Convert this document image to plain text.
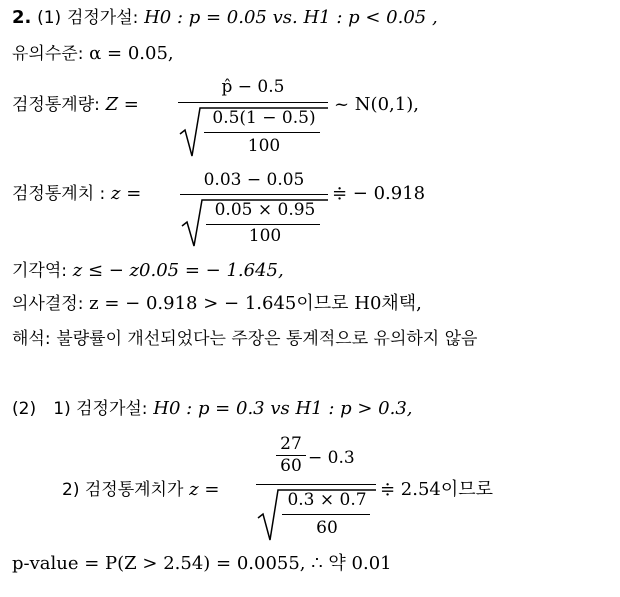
2. (1) 검정가설: H0 : p = 0.05 vs. H1 : p < 0.05 ,
유의수준: α = 0.05,
검정통계량: Z =
p̂ − 0.5
0.5(1 − 0.5)
100
~ N(0,1),
검정통계치 : z =
0.03 − 0.05
0.05 × 0.95
100
≑ − 0.918
기각역: z ≤ − z0.05 = − 1.645,
의사결정: z = − 0.918 > − 1.645이므로 H0채택,
해석: 불량률이 개선되었다는 주장은 통계적으로 유의하지 않음
(2) 1) 검정가설: H0 : p = 0.3 vs H1 : p > 0.3,
2) 검정통계치가 z =
27
60 − 0.3
0.3 × 0.7
60
≑ 2.54이므로
p-value = P(Z > 2.54) = 0.0055, ∴ 약 0.01
